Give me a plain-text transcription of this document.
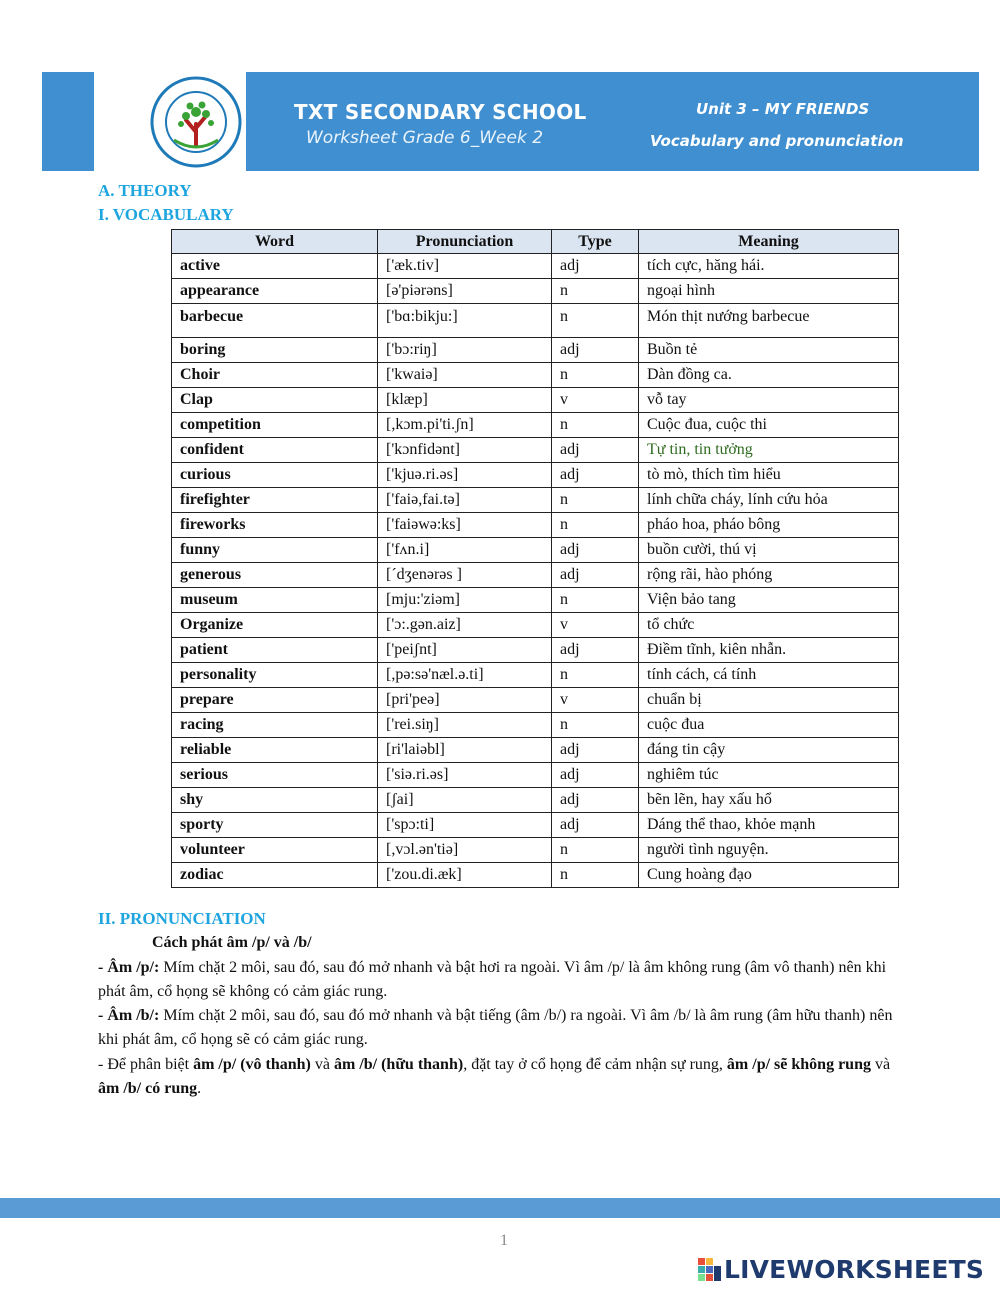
TXT SECONDARY SCHOOL
Worksheet Grade 6_Week 2
Unit 3 – MY FRIENDS
Vocabulary and pronunciation
A. THEORY
I. VOCABULARY
Word	Pronunciation	Type	Meaning
active	['æk.tiv]	adj	tích cực, hăng hái.
appearance	[ə'piərəns]	n	ngoại hình
barbecue	['bɑ:bikju:]	n	Món thịt nướng barbecue
boring	['bɔ:riŋ]	adj	Buồn tẻ
Choir	['kwaiə]	n	Dàn đồng ca.
Clap	[klæp]	v	vỗ tay
competition	[,kɔm.pi'ti.ʃn]	n	Cuộc đua, cuộc thi
confident	['kɔnfidənt]	adj	Tự tin, tin tưởng
curious	['kjuə.ri.əs]	adj	tò mò, thích tìm hiểu
firefighter	['faiə,fai.tə]	n	lính chữa cháy, lính cứu hỏa
fireworks	['faiəwə:ks]	n	pháo hoa, pháo bông
funny	['fʌn.i]	adj	buồn cười, thú vị
generous	[ˊdʒenərəs ]	adj	rộng rãi, hào phóng
museum	[mju:'ziəm]	n	Viện bảo tang
Organize	['ɔ:.gən.aiz]	v	tổ chức
patient	['peiʃnt]	adj	Điềm tĩnh, kiên nhẫn.
personality	[,pə:sə'næl.ə.ti]	n	tính cách, cá tính
prepare	[pri'peə]	v	chuẩn bị
racing	['rei.siŋ]	n	cuộc đua
reliable	[ri'laiəbl]	adj	đáng tin cậy
serious	['siə.ri.əs]	adj	nghiêm túc
shy	[ʃai]	adj	bẽn lẽn, hay xấu hổ
sporty	['spɔ:ti]	adj	Dáng thể thao, khỏe mạnh
volunteer	[,vɔl.ən'tiə]	n	người tình nguyện.
zodiac	['zou.di.æk]	n	Cung hoàng đạo
II. PRONUNCIATION
Cách phát âm /p/ và /b/
- Âm /p/: Mím chặt 2 môi, sau đó, sau đó mở nhanh và bật hơi ra ngoài. Vì âm /p/ là âm không rung (âm vô thanh) nên khi phát âm, cổ họng sẽ không có cảm giác rung.
- Âm /b/: Mím chặt 2 môi, sau đó, sau đó mở nhanh và bật tiếng (âm /b/) ra ngoài. Vì âm /b/ là âm rung (âm hữu thanh) nên khi phát âm, cổ họng sẽ có cảm giác rung.
- Để phân biệt âm /p/ (vô thanh) và âm /b/ (hữu thanh), đặt tay ở cổ họng để cảm nhận sự rung, âm /p/ sẽ không rung và âm /b/ có rung.
1
LIVEWORKSHEETS
